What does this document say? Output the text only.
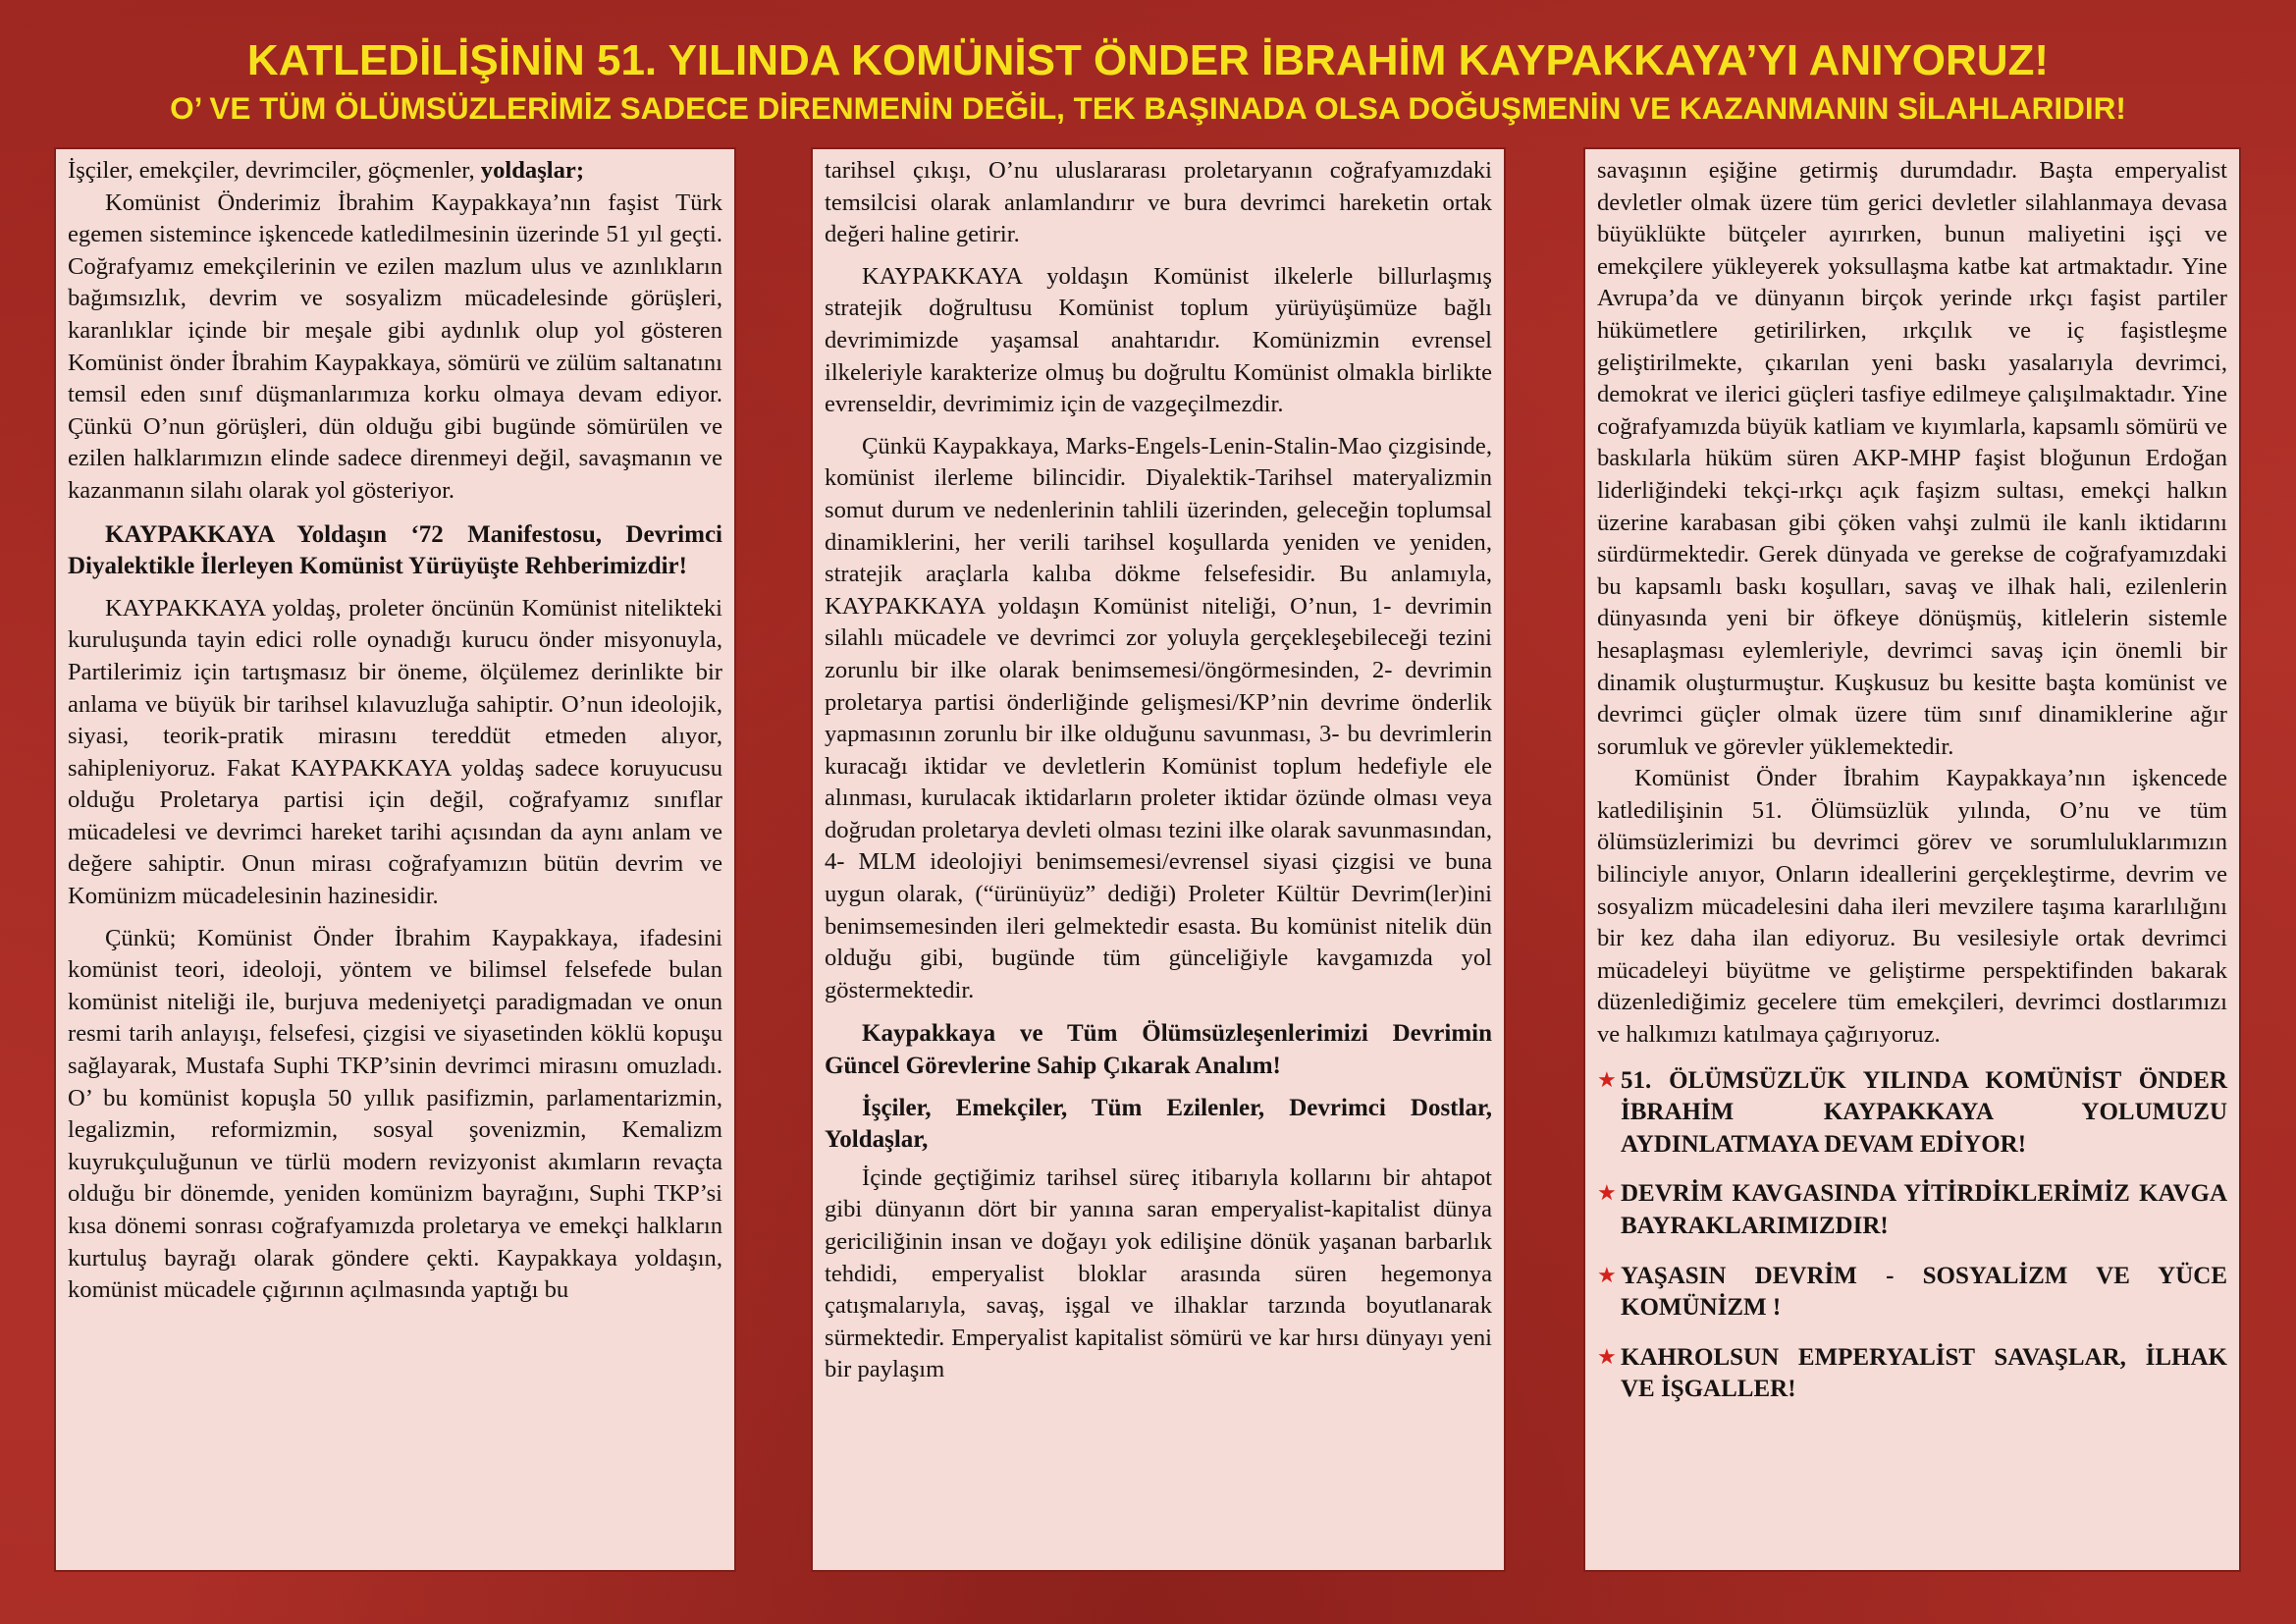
KATLEDİLİŞİNİN 51. YILINDA KOMÜNİST ÖNDER İBRAHİM KAYPAKKAYA’YI ANIYORUZ!
O’ VE TÜM ÖLÜMSÜZLERİMİZ SADECE DİRENMENİN DEĞİL, TEK BAŞINADA OLSA DOĞUŞMENİN VE KAZANMANIN SİLAHLARIDIR!

İşçiler, emekçiler, devrimciler, göçmenler, yoldaşlar;

Komünist Önderimiz İbrahim Kaypakkaya’nın faşist Türk egemen sistemince işkencede katledilmesinin üzerinde 51 yıl geçti. Coğrafyamız emekçilerinin ve ezilen mazlum ulus ve azınlıkların bağımsızlık, devrim ve sosyalizm mücadelesinde görüşleri, karanlıklar içinde bir meşale gibi aydınlık olup yol gösteren Komünist önder İbrahim Kaypakkaya, sömürü ve zülüm saltanatını temsil eden sınıf düşmanlarımıza korku olmaya devam ediyor. Çünkü O’nun görüşleri, dün olduğu gibi bugünde sömürülen ve ezilen halklarımızın elinde sadece direnmeyi değil, savaşmanın ve kazanmanın silahı olarak yol gösteriyor.

KAYPAKKAYA Yoldaşın ‘72 Manifestosu, Devrimci Diyalektikle İlerleyen Komünist Yürüyüşte Rehberimizdir!

KAYPAKKAYA yoldaş, proleter öncünün Komünist nitelikteki kuruluşunda tayin edici rolle oynadığı kurucu önder misyonuyla, Partilerimiz için tartışmasız bir öneme, ölçülemez derinlikte bir anlama ve büyük bir tarihsel kılavuzluğa sahiptir. O’nun ideolojik, siyasi, teorik-pratik mirasını tereddüt etmeden alıyor, sahipleniyoruz. Fakat KAYPAKKAYA yoldaş sadece koruyucusu olduğu Proletarya partisi için değil, coğrafyamız sınıflar mücadelesi ve devrimci hareket tarihi açısından da aynı anlam ve değere sahiptir. Onun mirası coğrafyamızın bütün devrim ve Komünizm mücadelesinin hazinesidir.

Çünkü; Komünist Önder İbrahim Kaypakkaya, ifadesini komünist teori, ideoloji, yöntem ve bilimsel felsefede bulan komünist niteliği ile, burjuva medeniyetçi paradigmadan ve onun resmi tarih anlayışı, felsefesi, çizgisi ve siyasetinden köklü kopuşu sağlayarak, Mustafa Suphi TKP’sinin devrimci mirasını omuzladı. O’ bu komünist kopuşla 50 yıllık pasifizmin, parlamentarizmin, legalizmin, reformizmin, sosyal şovenizmin, Kemalizm kuyrukçuluğunun ve türlü modern revizyonist akımların revaçta olduğu bir dönemde, yeniden komünizm bayrağını, Suphi TKP’si kısa dönemi sonrası coğrafyamızda proletarya ve emekçi halkların kurtuluş bayrağı olarak göndere çekti. Kaypakkaya yoldaşın, komünist mücadele çığırının açılmasında yaptığı bu

tarihsel çıkışı, O’nu uluslararası proletaryanın coğrafyamızdaki temsilcisi olarak anlamlandırır ve bura devrimci hareketin ortak değeri haline getirir.

KAYPAKKAYA yoldaşın Komünist ilkelerle billurlaşmış stratejik doğrultusu Komünist toplum yürüyüşümüze bağlı devrimimizde yaşamsal anahtarıdır. Komünizmin evrensel ilkeleriyle karakterize olmuş bu doğrultu Komünist olmakla birlikte evrenseldir, devrimimiz için de vazgeçilmezdir.

Çünkü Kaypakkaya, Marks-Engels-Lenin-Stalin-Mao çizgisinde, komünist ilerleme bilincidir. Diyalektik-Tarihsel materyalizmin somut durum ve nedenlerinin tahlili üzerinden, geleceğin toplumsal dinamiklerini, her verili tarihsel koşullarda yeniden ve yeniden, stratejik araçlarla kalıba dökme felsefesidir. Bu anlamıyla, KAYPAKKAYA yoldaşın Komünist niteliği, O’nun, 1- devrimin silahlı mücadele ve devrimci zor yoluyla gerçekleşebileceği tezini zorunlu bir ilke olarak benimsemesi/öngörmesinden, 2- devrimin proletarya partisi önderliğinde gelişmesi/KP’nin devrime önderlik yapmasının zorunlu bir ilke olduğunu savunması, 3- bu devrimlerin kuracağı iktidar ve devletlerin Komünist toplum hedefiyle ele alınması, kurulacak iktidarların proleter iktidar özünde olması veya doğrudan proletarya devleti olması tezini ilke olarak savunmasından, 4- MLM ideolojiyi benimsemesi/evrensel siyasi çizgisi ve buna uygun olarak, (“ürünüyüz” dediği) Proleter Kültür Devrim(ler)ini benimsemesinden ileri gelmektedir esasta. Bu komünist nitelik dün olduğu gibi, bugünde tüm günceliğiyle kavgamızda yol göstermektedir.

Kaypakkaya ve Tüm Ölümsüzleşenlerimizi Devrimin Güncel Görevlerine Sahip Çıkarak Analım!
İşçiler, Emekçiler, Tüm Ezilenler, Devrimci Dostlar, Yoldaşlar,

İçinde geçtiğimiz tarihsel süreç itibarıyla kollarını bir ahtapot gibi dünyanın dört bir yanına saran emperyalist-kapitalist dünya gericiliğinin insan ve doğayı yok edilişine dönük yaşanan barbarlık tehdidi, emperyalist bloklar arasında süren hegemonya çatışmalarıyla, savaş, işgal ve ilhaklar tarzında boyutlanarak sürmektedir. Emperyalist kapitalist sömürü ve kar hırsı dünyayı yeni bir paylaşım

savaşının eşiğine getirmiş durumdadır. Başta emperyalist devletler olmak üzere tüm gerici devletler silahlanmaya devasa büyüklükte bütçeler ayırırken, bunun maliyetini işçi ve emekçilere yükleyerek yoksullaşma katbe kat artmaktadır. Yine Avrupa’da ve dünyanın birçok yerinde ırkçı faşist partiler hükümetlere getirilirken, ırkçılık ve iç faşistleşme geliştirilmekte, çıkarılan yeni baskı yasalarıyla devrimci, demokrat ve ilerici güçleri tasfiye edilmeye çalışılmaktadır. Yine coğrafyamızda büyük katliam ve kıyımlarla, kapsamlı sömürü ve baskılarla hüküm süren AKP-MHP faşist bloğunun Erdoğan liderliğindeki tekçi-ırkçı açık faşizm sultası, emekçi halkın üzerine karabasan gibi çöken vahşi zulmü ile kanlı iktidarını sürdürmektedir. Gerek dünyada ve gerekse de coğrafyamızdaki bu kapsamlı baskı koşulları, savaş ve ilhak hali, ezilenlerin dünyasında yeni bir öfkeye dönüşmüş, kitlelerin sistemle hesaplaşması eylemleriyle, devrimci savaş için önemli bir dinamik oluşturmuştur. Kuşkusuz bu kesitte başta komünist ve devrimci güçler olmak üzere tüm sınıf dinamiklerine ağır sorumluk ve görevler yüklemektedir.

Komünist Önder İbrahim Kaypakkaya’nın işkencede katledilişinin 51. Ölümsüzlük yılında, O’nu ve tüm ölümsüzlerimizi bu devrimci görev ve sorumluluklarımızın bilinciyle anıyor, Onların ideallerini gerçekleştirme, devrim ve sosyalizm mücadelesini daha ileri mevzilere taşıma kararlılığını bir kez daha ilan ediyoruz. Bu vesilesiyle ortak devrimci mücadeleyi büyütme ve geliştirme perspektifinden bakarak düzenlediğimiz gecelere tüm emekçileri, devrimci dostlarımızı ve halkımızı katılmaya çağırıyoruz.

★ 51. ÖLÜMSÜZLÜK YILINDA KOMÜNİST ÖNDER İBRAHİM KAYPAKKAYA YOLUMUZU AYDINLATMAYA DEVAM EDİYOR!
★ DEVRİM KAVGASINDA YİTİRDİKLERİMİZ KAVGA BAYRAKLARIMIZDIR!
★ YAŞASIN DEVRİM - SOSYALİZM VE YÜCE KOMÜNİZM !
★ KAHROLSUN EMPERYALİST SAVAŞLAR, İLHAK VE İŞGALLER!
